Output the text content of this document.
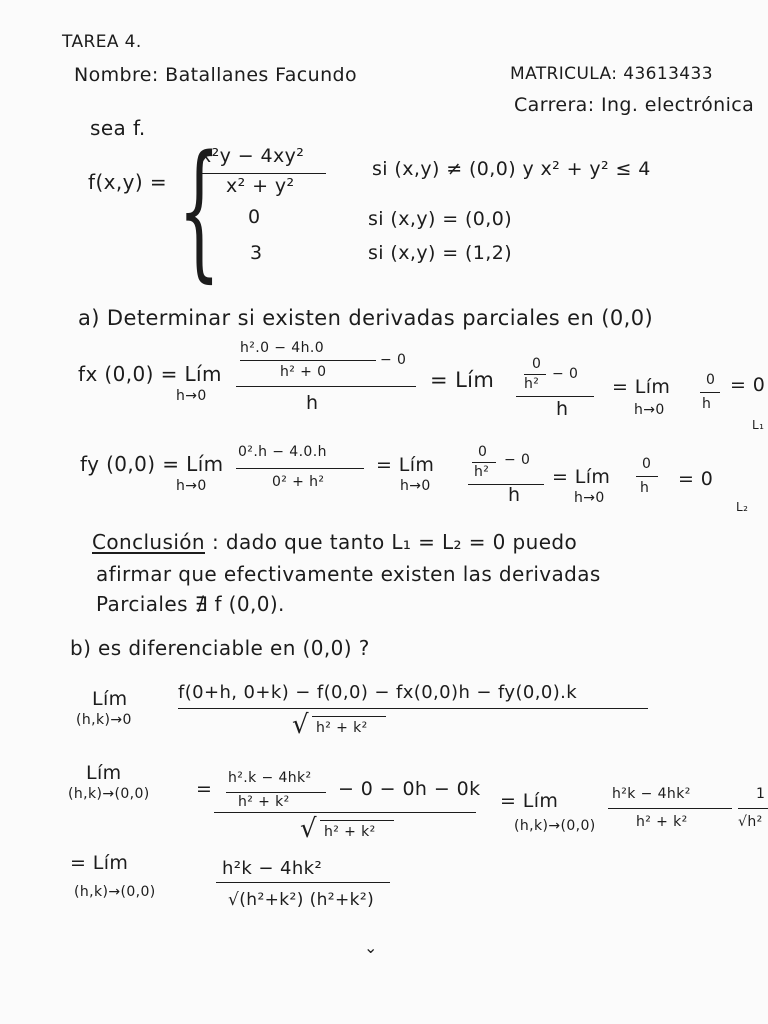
TAREA 4.
Nombre: Batallanes Facundo	MATRICULA: 43613433
Carrera: Ing. electrónica
sea f.
f(x,y) = {
x²y − 4xy²
x² + y²
si (x,y) ≠ (0,0) y x² + y² ≤ 4
0	si (x,y) = (0,0)
3	si (x,y) = (1,2)
a) Determinar si existen derivadas parciales en (0,0)
fx (0,0) = Lím
h→0
h².0 − 4h.0
h² + 0
− 0
h
= Lím
0
h²
− 0
h
= Lím
h→0
0
h
= 0
L₁
fy (0,0) = Lím
h→0
0².h − 4.0.h
0² + h²
= Lím
h→0
0
h²
− 0
h
= Lím
h→0
0
h = 0
L₂
Conclusión : dado que tanto L₁ = L₂ = 0 puedo
afirmar que efectivamente existen las derivadas
Parciales ∄ f (0,0).
b) es diferenciable en (0,0) ?
Lím
(h,k)→0
f(0+h, 0+k) − f(0,0) − fx(0,0)h − fy(0,0).k
√ h² + k²
Lím
(h,k)→(0,0) = h².k − 4hk²
h² + k²
− 0 − 0h − 0k
√ h² + k²
= Lím
(h,k)→(0,0)
h²k − 4hk²
h² + k²
1
√h²
= Lím
(h,k)→(0,0)
h²k − 4hk²
√(h²+k²) (h²+k²)
⌄
